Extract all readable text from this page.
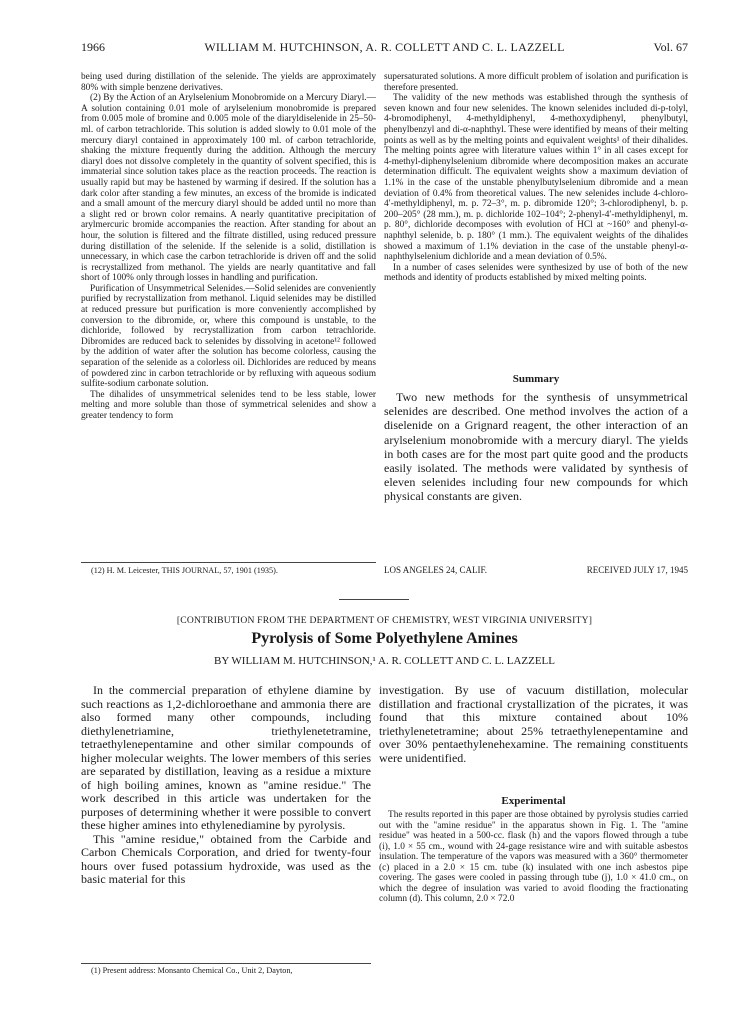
1966	WILLIAM M. HUTCHINSON, A. R. COLLETT AND C. L. LAZZELL	Vol. 67

being used during distillation of the selenide. The yields are approximately 80% with simple benzene derivatives.

(2) By the Action of an Arylselenium Monobromide on a Mercury Diaryl.—A solution containing 0.01 mole of arylselenium monobromide is prepared from 0.005 mole of bromine and 0.005 mole of the diaryldiselenide in 25–50-ml. of carbon tetrachloride. This solution is added slowly to 0.01 mole of the mercury diaryl contained in approximately 100 ml. of carbon tetrachloride, shaking the mixture frequently during the addition. Although the mercury diaryl does not dissolve completely in the quantity of solvent specified, this is immaterial since solution takes place as the reaction proceeds. The reaction is usually rapid but may be hastened by warming if desired. If the solution has a dark color after standing a few minutes, an excess of the bromide is indicated and a small amount of the mercury diaryl should be added until no more than a slight red or brown color remains. A nearly quantitative precipitation of arylmercuric bromide accompanies the reaction. After standing for about an hour, the solution is filtered and the filtrate distilled, using reduced pressure during distillation of the selenide. If the selenide is a solid, distillation is unnecessary, in which case the carbon tetrachloride is driven off and the solid is recrystallized from methanol. The yields are nearly quantitative and fall short of 100% only through losses in handling and purification.

Purification of Unsymmetrical Selenides.—Solid selenides are conveniently purified by recrystallization from methanol. Liquid selenides may be distilled at reduced pressure but purification is more conveniently accomplished by conversion to the dibromide, or, where this compound is unstable, to the dichloride, followed by recrystallization from carbon tetrachloride. Dibromides are reduced back to selenides by dissolving in acetone¹² followed by the addition of water after the solution has become colorless, causing the separation of the selenide as a colorless oil. Dichlorides are reduced by means of powdered zinc in carbon tetrachloride or by refluxing with aqueous sodium sulfite-sodium carbonate solution.

The dihalides of unsymmetrical selenides tend to be less stable, lower melting and more soluble than those of symmetrical selenides and show a greater tendency to form

supersaturated solutions. A more difficult problem of isolation and purification is therefore presented.

The validity of the new methods was established through the synthesis of seven known and four new selenides. The known selenides included di-p-tolyl, 4-bromodiphenyl, 4-methyldiphenyl, 4-methoxydiphenyl, phenylbutyl, phenylbenzyl and di-α-naphthyl. These were identified by means of their melting points as well as by the melting points and equivalent weights¹ of their dihalides. The melting points agree with literature values within 1° in all cases except for 4-methyl-diphenylselenium dibromide where decomposition makes an accurate determination difficult. The equivalent weights show a maximum deviation of 1.1% in the case of the unstable phenylbutylselenium dibromide and a mean deviation of 0.4% from theoretical values. The new selenides include 4-chloro-4′-methyldiphenyl, m. p. 72–3°, m. p. dibromide 120°; 3-chlorodiphenyl, b. p. 200–205° (28 mm.), m. p. dichloride 102–104°; 2-phenyl-4′-methyldiphenyl, m. p. 80°, dichloride decomposes with evolution of HCl at ~160° and phenyl-α-naphthyl selenide, b. p. 180° (1 mm.). The equivalent weights of the dihalides showed a maximum of 1.1% deviation in the case of the unstable phenyl-α-naphthylselenium dichloride and a mean deviation of 0.5%.

In a number of cases selenides were synthesized by use of both of the new methods and identity of products established by mixed melting points.

Summary

Two new methods for the synthesis of unsymmetrical selenides are described. One method involves the action of a diselenide on a Grignard reagent, the other interaction of an arylselenium monobromide with a mercury diaryl. The yields in both cases are for the most part quite good and the products easily isolated. The methods were validated by synthesis of eleven selenides including four new compounds for which physical constants are given.

(12) H. M. Leicester, THIS JOURNAL, 57, 1901 (1935).	LOS ANGELES 24, CALIF.	RECEIVED JULY 17, 1945
[CONTRIBUTION FROM THE DEPARTMENT OF CHEMISTRY, WEST VIRGINIA UNIVERSITY]
Pyrolysis of Some Polyethylene Amines
BY WILLIAM M. HUTCHINSON,¹ A. R. COLLETT AND C. L. LAZZELL

In the commercial preparation of ethylene diamine by such reactions as 1,2-dichloroethane and ammonia there are also formed many other compounds, including diethylenetriamine, triethylenetetramine, tetraethylenepentamine and other similar compounds of higher molecular weights. The lower members of this series are separated by distillation, leaving as a residue a mixture of high boiling amines, known as "amine residue." The work described in this article was undertaken for the purposes of determining whether it were possible to convert these higher amines into ethylenediamine by pyrolysis.

This "amine residue," obtained from the Carbide and Carbon Chemicals Corporation, and dried for twenty-four hours over fused potassium hydroxide, was used as the basic material for this

(1) Present address: Monsanto Chemical Co., Unit 2, Dayton,

investigation. By use of vacuum distillation, molecular distillation and fractional crystallization of the picrates, it was found that this mixture contained about 10% triethylenetetramine; about 25% tetraethylenepentamine and over 30% pentaethylenehexamine. The remaining constituents were unidentified.

Experimental

The results reported in this paper are those obtained by pyrolysis studies carried out with the "amine residue" in the apparatus shown in Fig. 1. The "amine residue" was heated in a 500-cc. flask (h) and the vapors flowed through a tube (i), 1.0 × 55 cm., wound with 24-gage resistance wire and with suitable asbestos insulation. The temperature of the vapors was measured with a 360° thermometer (c) placed in a 2.0 × 15 cm. tube (k) insulated with one inch asbestos pipe covering. The gases were cooled in passing through tube (j), 1.0 × 41.0 cm., on which the degree of insulation was varied to avoid flooding the fractionating column (d). This column, 2.0 × 72.0
